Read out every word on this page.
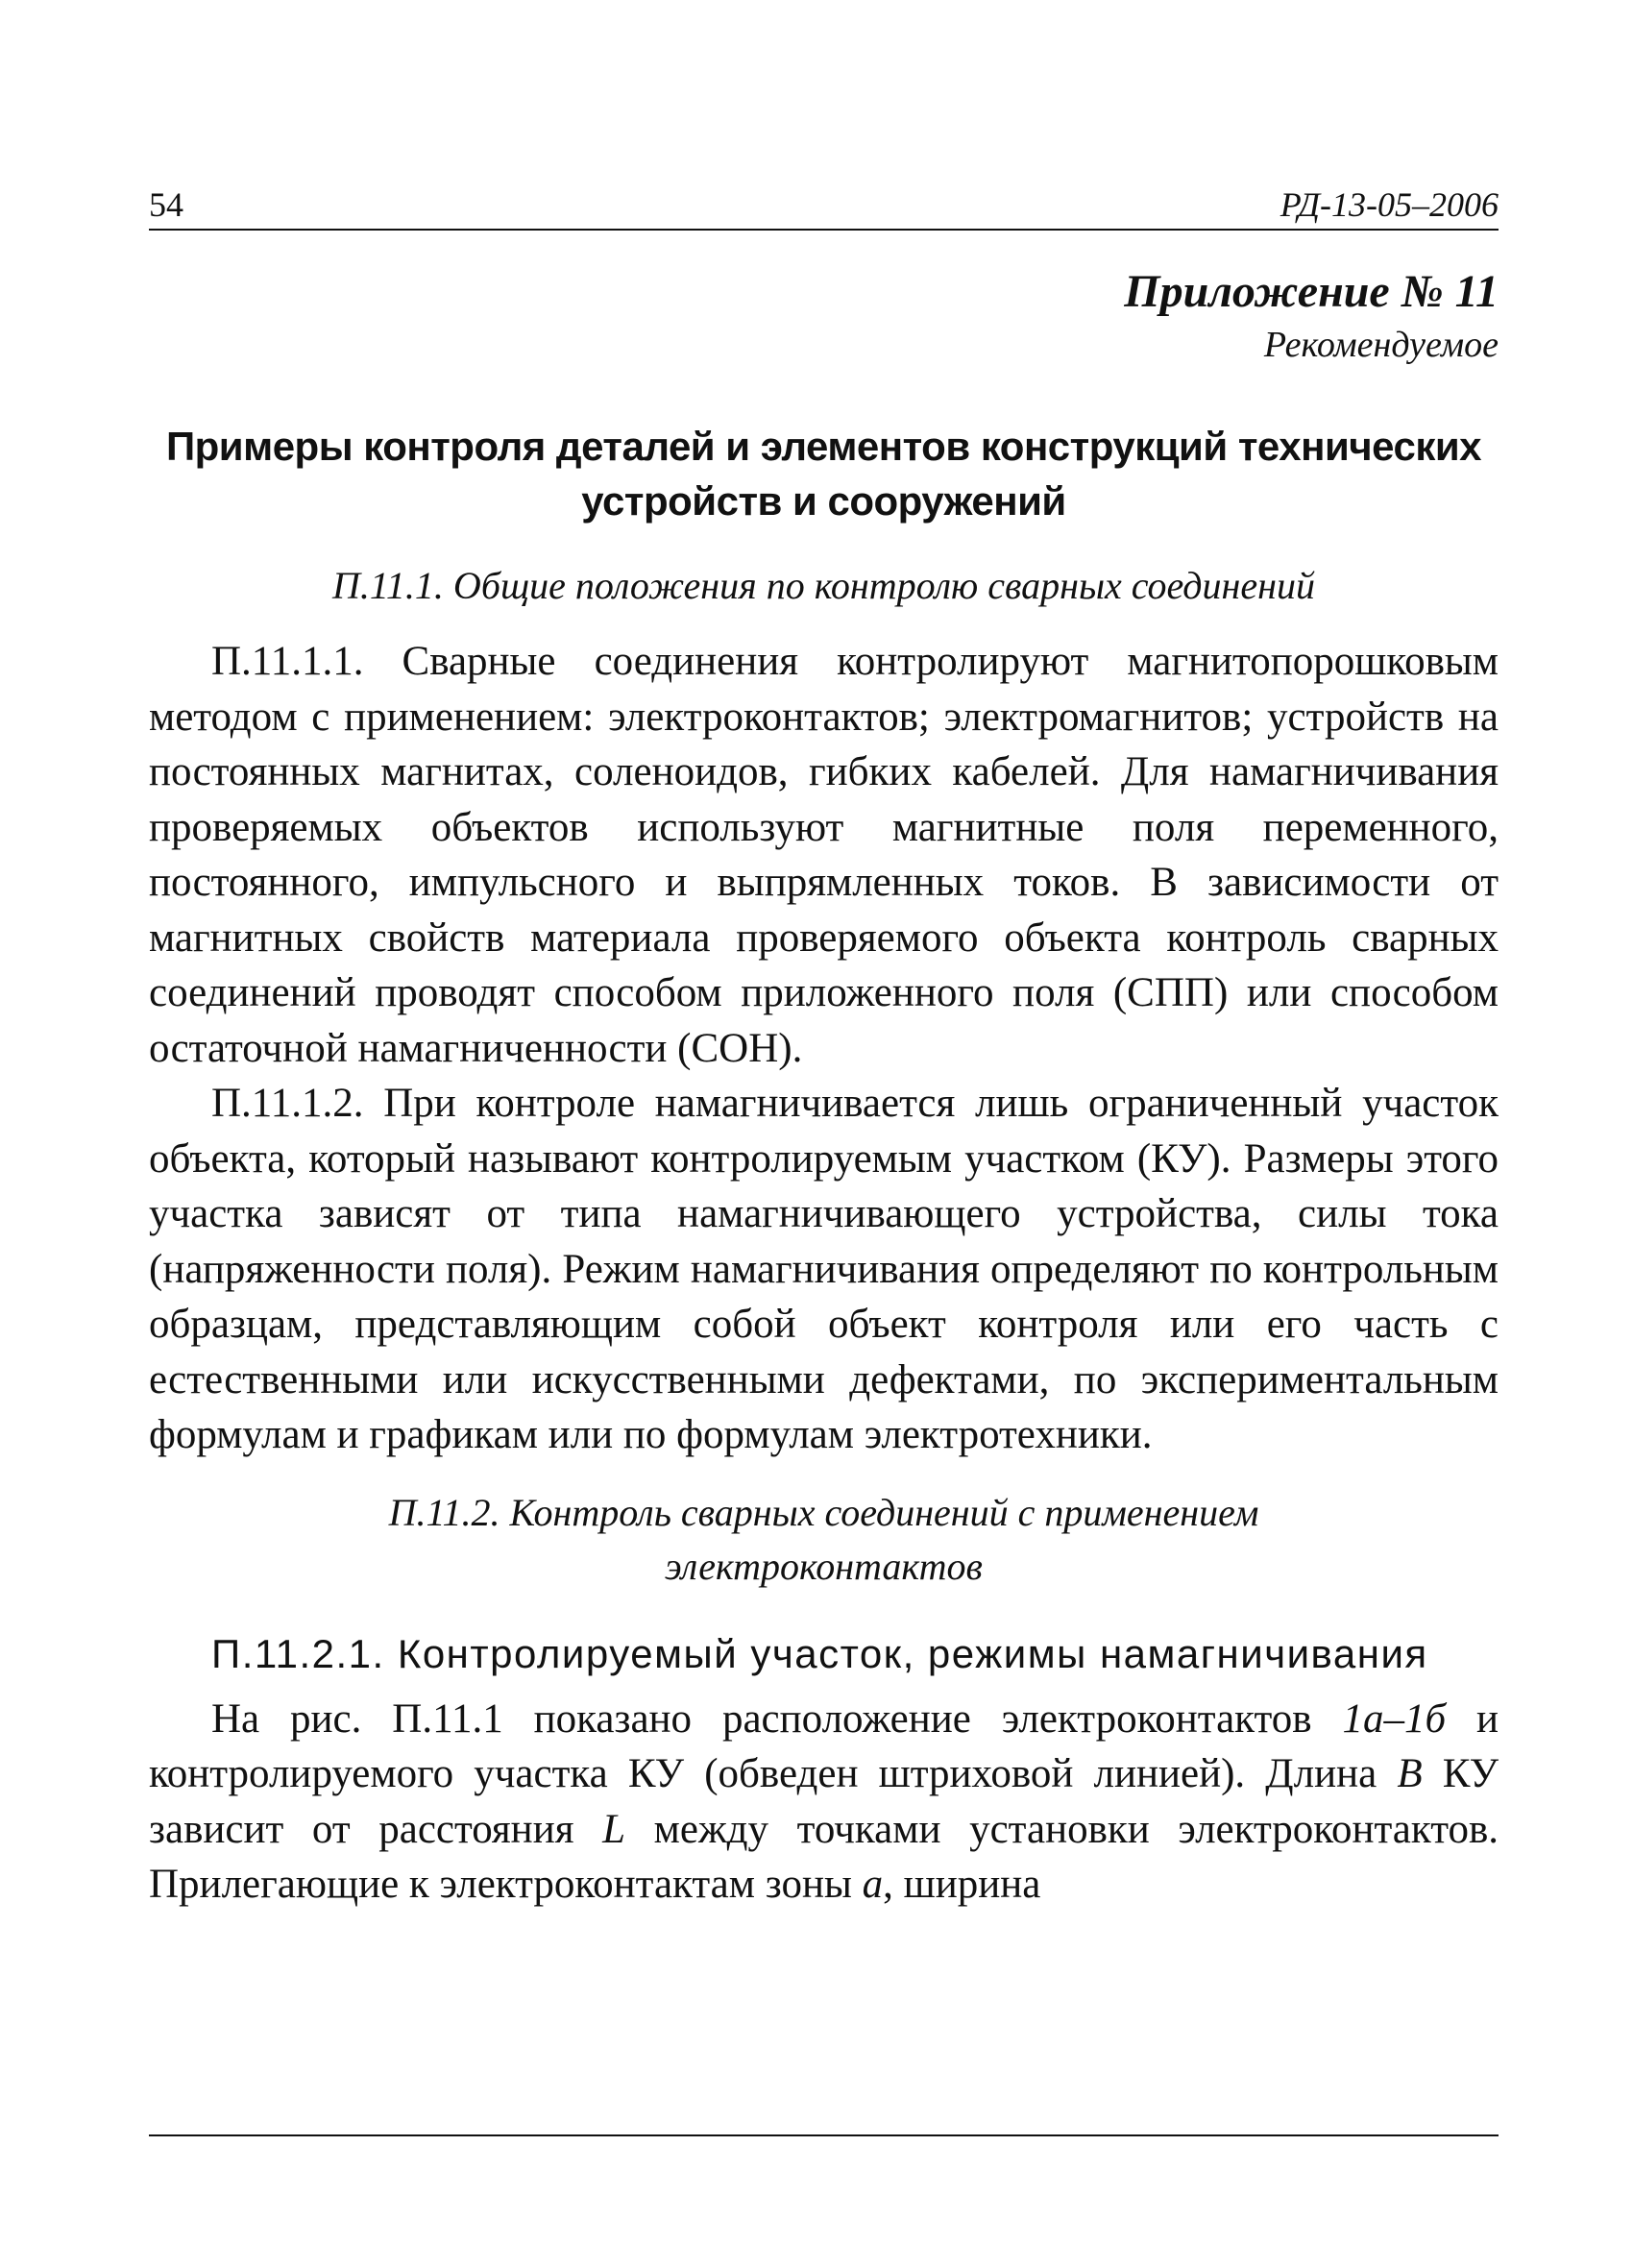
54	РД-13-05–2006
Приложение № 11
Рекомендуемое
Примеры контроля деталей и элементов конструкций технических
устройств и сооружений
П.11.1. Общие положения по контролю сварных соединений

П.11.1.1. Сварные соединения контролируют магнитопорошковым методом с применением: электроконтактов; электромагнитов; устройств на постоянных магнитах, соленоидов, гибких кабелей. Для намагничивания проверяемых объектов используют магнитные поля переменного, постоянного, импульсного и выпрямленных токов. В зависимости от магнитных свойств материала проверяемого объекта контроль сварных соединений проводят способом приложенного поля (СПП) или способом остаточной намагниченности (СОН).

П.11.1.2. При контроле намагничивается лишь ограниченный участок объекта, который называют контролируемым участком (КУ). Размеры этого участка зависят от типа намагничивающего устройства, силы тока (напряженности поля). Режим намагничивания определяют по контрольным образцам, представляющим собой объект контроля или его часть с естественными или искусственными дефектами, по экспериментальным формулам и графикам или по формулам электротехники.

П.11.2. Контроль сварных соединений с применением
электроконтактов
П.11.2.1. Контролируемый участок, режимы намагничивания

На рис. П.11.1 показано расположение электроконтактов 1а–1б и контролируемого участка КУ (обведен штриховой линией). Длина В КУ зависит от расстояния L между точками установки электроконтактов. Прилегающие к электроконтактам зоны а, ширина
